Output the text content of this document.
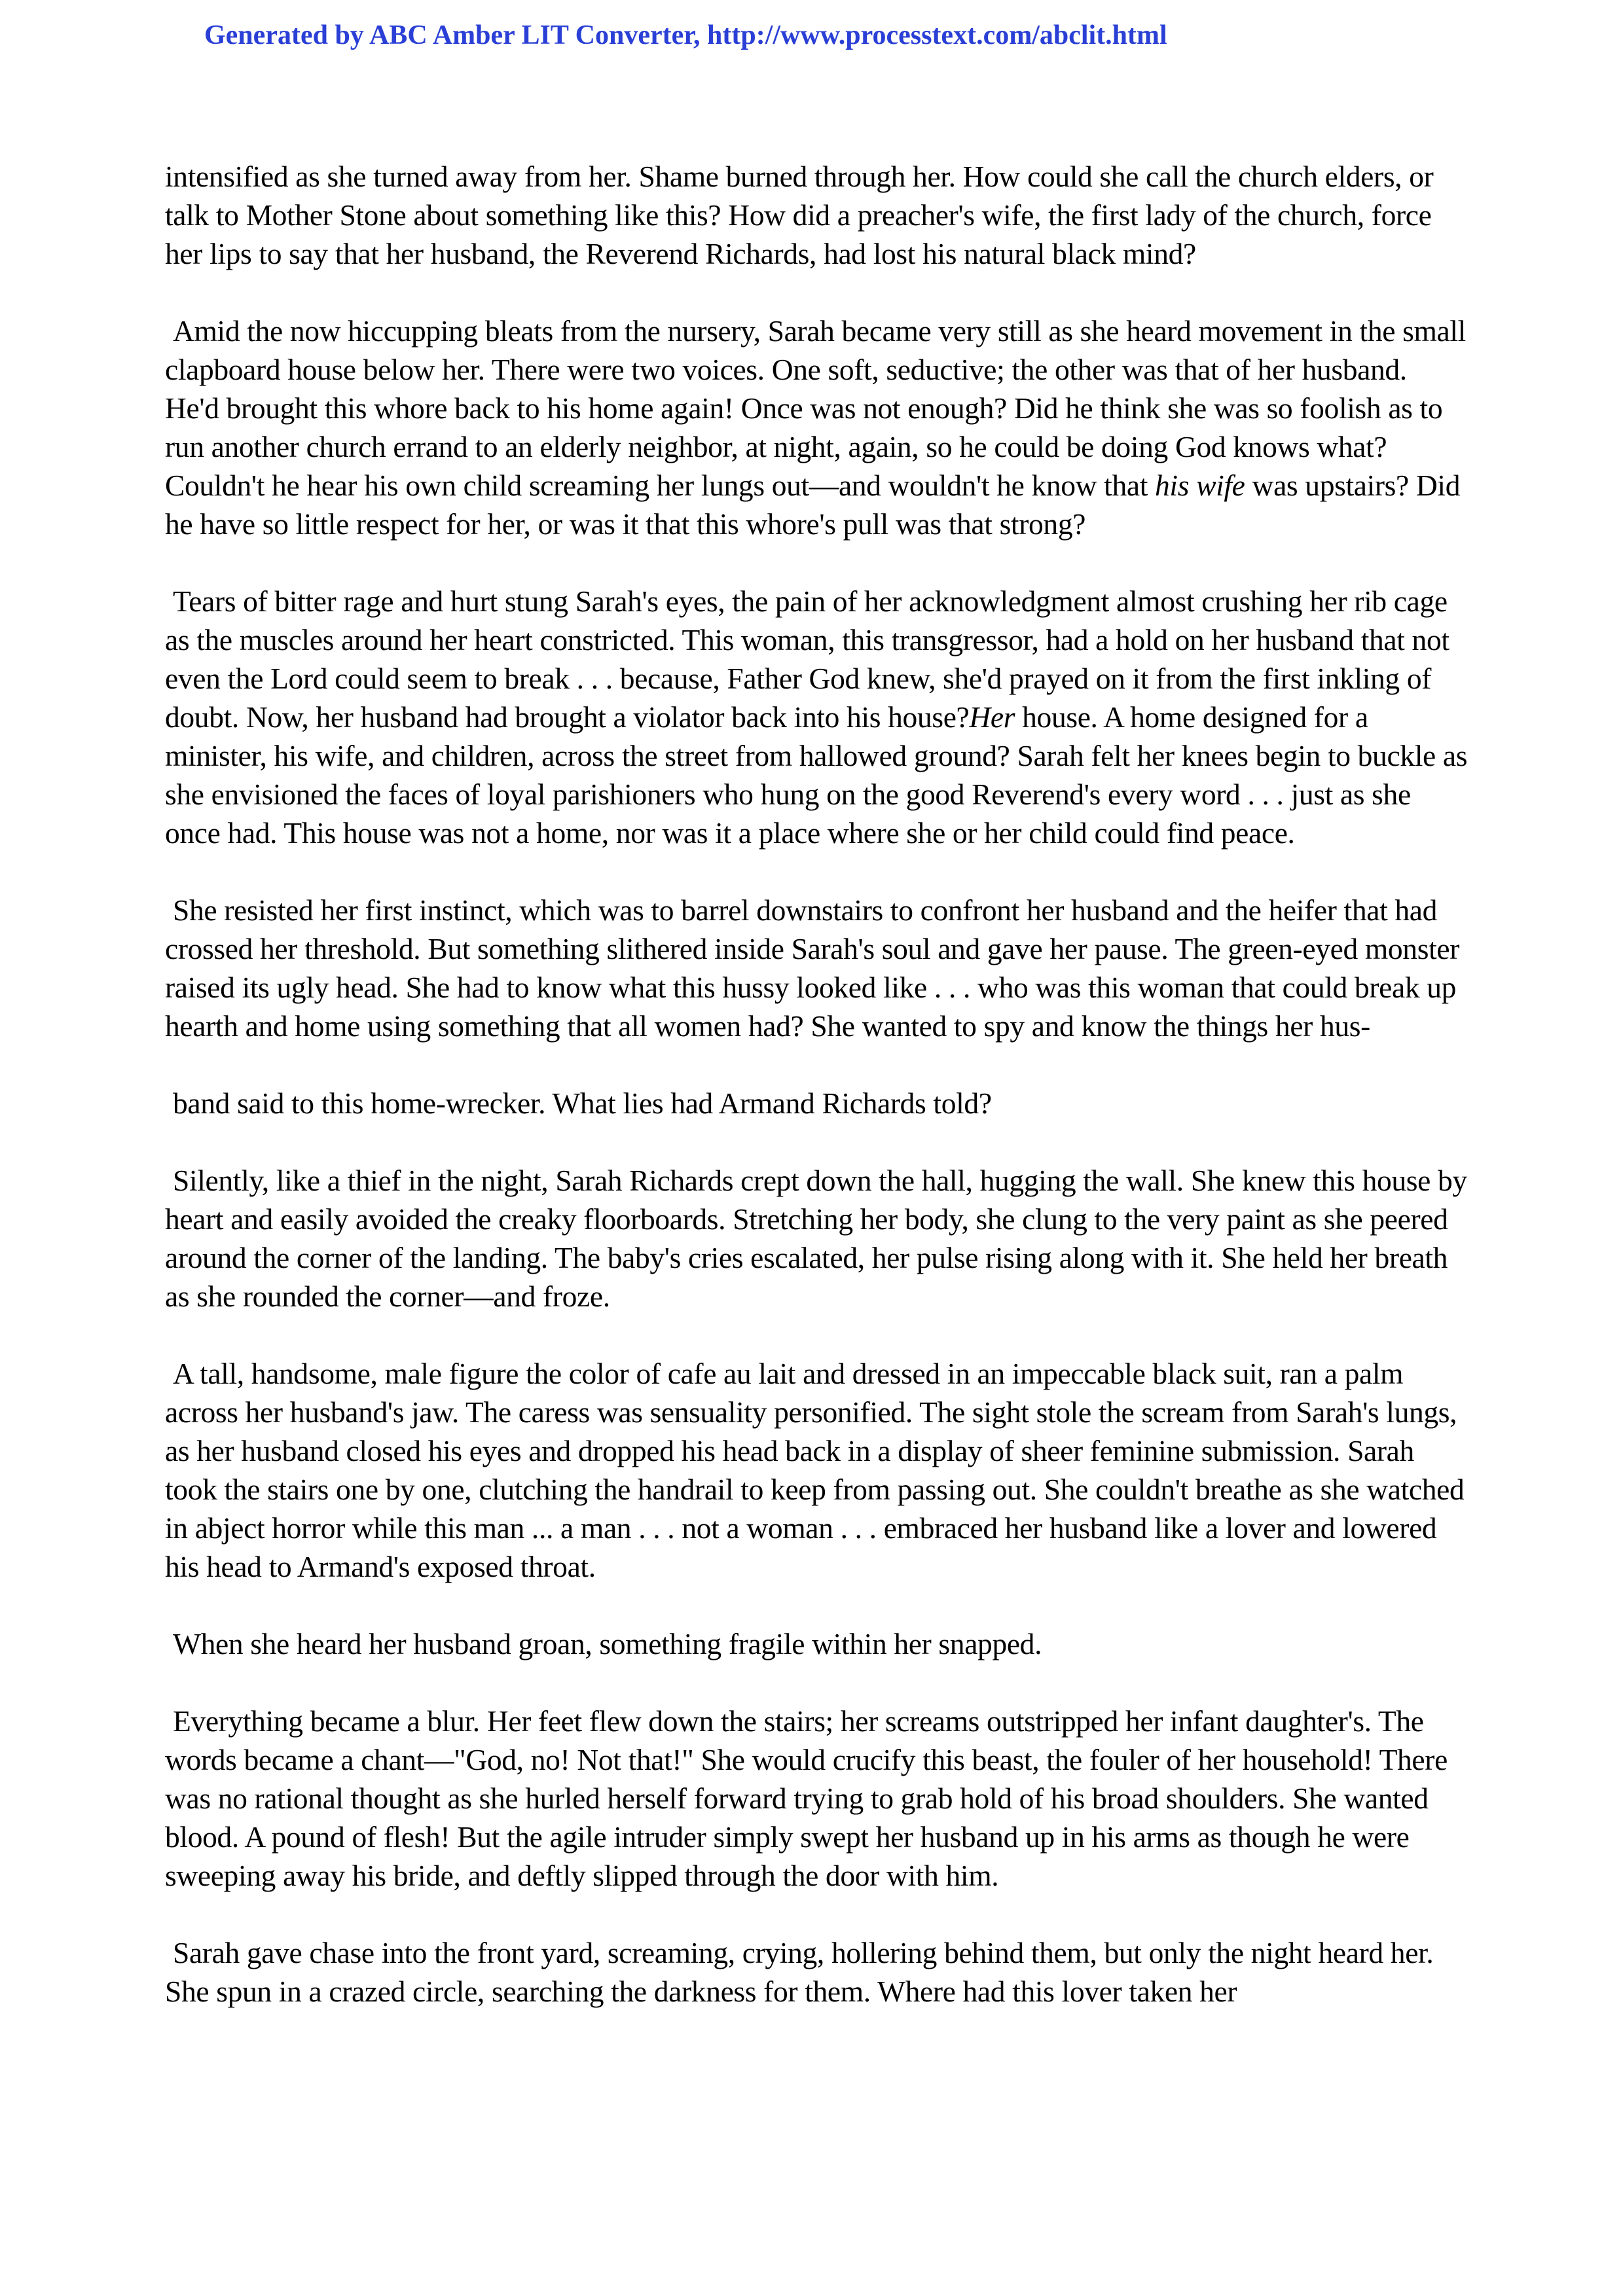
Generated by ABC Amber LIT Converter, http://www.processtext.com/abclit.html

intensified as she turned away from her. Shame burned through her. How could she call the church elders, or talk to Mother Stone about something like this? How did a preacher's wife, the first lady of the church, force her lips to say that her husband, the Reverend Richards, had lost his natural black mind?

Amid the now hiccupping bleats from the nursery, Sarah became very still as she heard movement in the small clapboard house below her. There were two voices. One soft, seductive; the other was that of her husband. He'd brought this whore back to his home again! Once was not enough? Did he think she was so foolish as to run another church errand to an elderly neighbor, at night, again, so he could be doing God knows what? Couldn't he hear his own child screaming her lungs out—and wouldn't he know that his wife was upstairs? Did he have so little respect for her, or was it that this whore's pull was that strong?

Tears of bitter rage and hurt stung Sarah's eyes, the pain of her acknowledgment almost crushing her rib cage as the muscles around her heart constricted. This woman, this transgressor, had a hold on her husband that not even the Lord could seem to break . . . because, Father God knew, she'd prayed on it from the first inkling of doubt. Now, her husband had brought a violator back into his house?Her house. A home designed for a minister, his wife, and children, across the street from hallowed ground? Sarah felt her knees begin to buckle as she envisioned the faces of loyal parishioners who hung on the good Reverend's every word . . . just as she once had. This house was not a home, nor was it a place where she or her child could find peace.

She resisted her first instinct, which was to barrel downstairs to confront her husband and the heifer that had crossed her threshold. But something slithered inside Sarah's soul and gave her pause. The green-eyed monster raised its ugly head. She had to know what this hussy looked like . . . who was this woman that could break up hearth and home using something that all women had? She wanted to spy and know the things her hus-

band said to this home-wrecker. What lies had Armand Richards told?

Silently, like a thief in the night, Sarah Richards crept down the hall, hugging the wall. She knew this house by heart and easily avoided the creaky floorboards. Stretching her body, she clung to the very paint as she peered around the corner of the landing. The baby's cries escalated, her pulse rising along with it. She held her breath as she rounded the corner—and froze.

A tall, handsome, male figure the color of cafe au lait and dressed in an impeccable black suit, ran a palm across her husband's jaw. The caress was sensuality personified. The sight stole the scream from Sarah's lungs, as her husband closed his eyes and dropped his head back in a display of sheer feminine submission. Sarah took the stairs one by one, clutching the handrail to keep from passing out. She couldn't breathe as she watched in abject horror while this man ... a man . . . not a woman . . . embraced her husband like a lover and lowered his head to Armand's exposed throat.

When she heard her husband groan, something fragile within her snapped.

Everything became a blur. Her feet flew down the stairs; her screams outstripped her infant daughter's. The words became a chant—"God, no! Not that!" She would crucify this beast, the fouler of her household! There was no rational thought as she hurled herself forward trying to grab hold of his broad shoulders. She wanted blood. A pound of flesh! But the agile intruder simply swept her husband up in his arms as though he were sweeping away his bride, and deftly slipped through the door with him.

Sarah gave chase into the front yard, screaming, crying, hollering behind them, but only the night heard her. She spun in a crazed circle, searching the darkness for them. Where had this lover taken her
